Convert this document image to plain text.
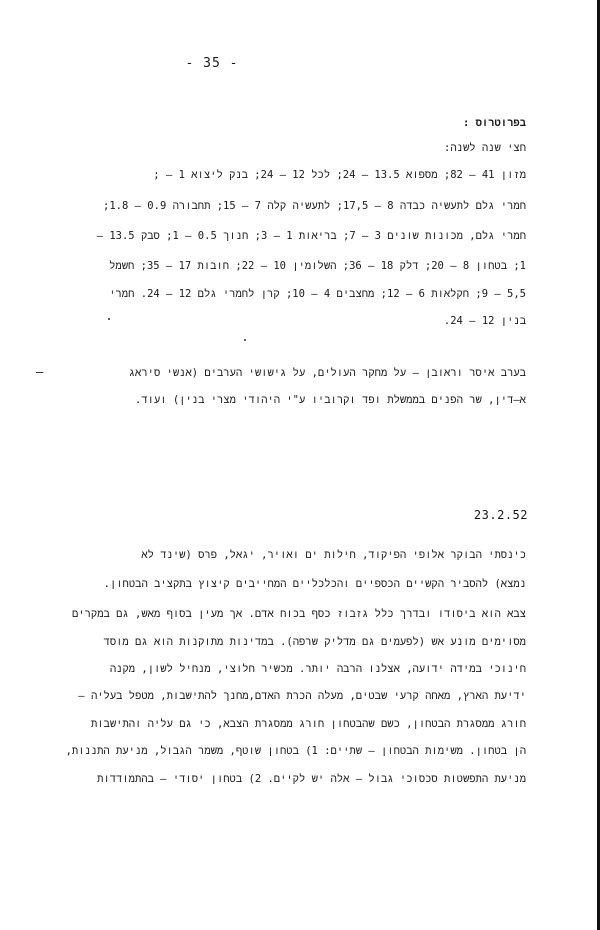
- 35 -
בפרוטרוס :
חצי שנה לשנה:
מזון 41 – 82; מספוא 13.5 – 24; לכל 12 – 24; בנק ליצוא 1 – ;
חמרי גלם לתעשיה כבדה 8 – 17,5; לתעשיה קלה 7 – 15; תחבורה 0.9 – 1.8;
חמרי גלם, מכונות שונים 3 – 7; בריאות 1 – 3; חנוך 0.5 – 1; סבק 13.5 –
1; בטחון 8 – 20; דלק 18 – 36; השלומין 10 – 22; חובות 17 – 35; חשמל
5,5 – 9; חקלאות 6 – 12; מחצבים 4 – 10; קרן לחמרי גלם 12 – 24. חמרי
בנין 12 – 24.
–	בערב איסר וראובן – על מחקר העולים, על גישושי הערבים (אנשי סיראג
א–דין, שר הפנים בממשלת ופד וקרוביו ע"י היהודי מצרי בנין) ועוד.
23.2.52
כינסתי הבוקר אלופי הפיקוד, חילות ים ואויר, יגאל, פרס (שינד לא
נמצא) להסביר הקשיים הכספיים והכלכליים המחייבים קיצוץ בתקציב הבטחון.
צבא הוא ביסודו ובדרך כלל גזבוז כסף בכוח אדם. אך מעין בסוף מאש, גם במקרים
מסוימים מונע אש (לפעמים גם מדליק שרפה). במדינות מתוקנות הוא גם מוסד
חינוכי במידה ידועה, אצלנו הרבה יותר. מכשיר חלוצי, מנחיל לשון, מקנה
ידיעת הארץ, מאחה קרעי שבטים, מעלה הכרת האדם,מחנך להתישבות, מטפל בעליה –
חורג ממסגרת הבטחון, כשם שהבטחון חורג ממסגרת הצבא, כי גם עליה והתישבות
הן בטחון. משימות הבטחון – שתיים: 1) בטחון שוטף, משמר הגבול, מניעת התננות,
מניעת התפשטות סכסוכי גבול – אלה יש לקיים. 2) בטחון יסודי – בהתמודדות
